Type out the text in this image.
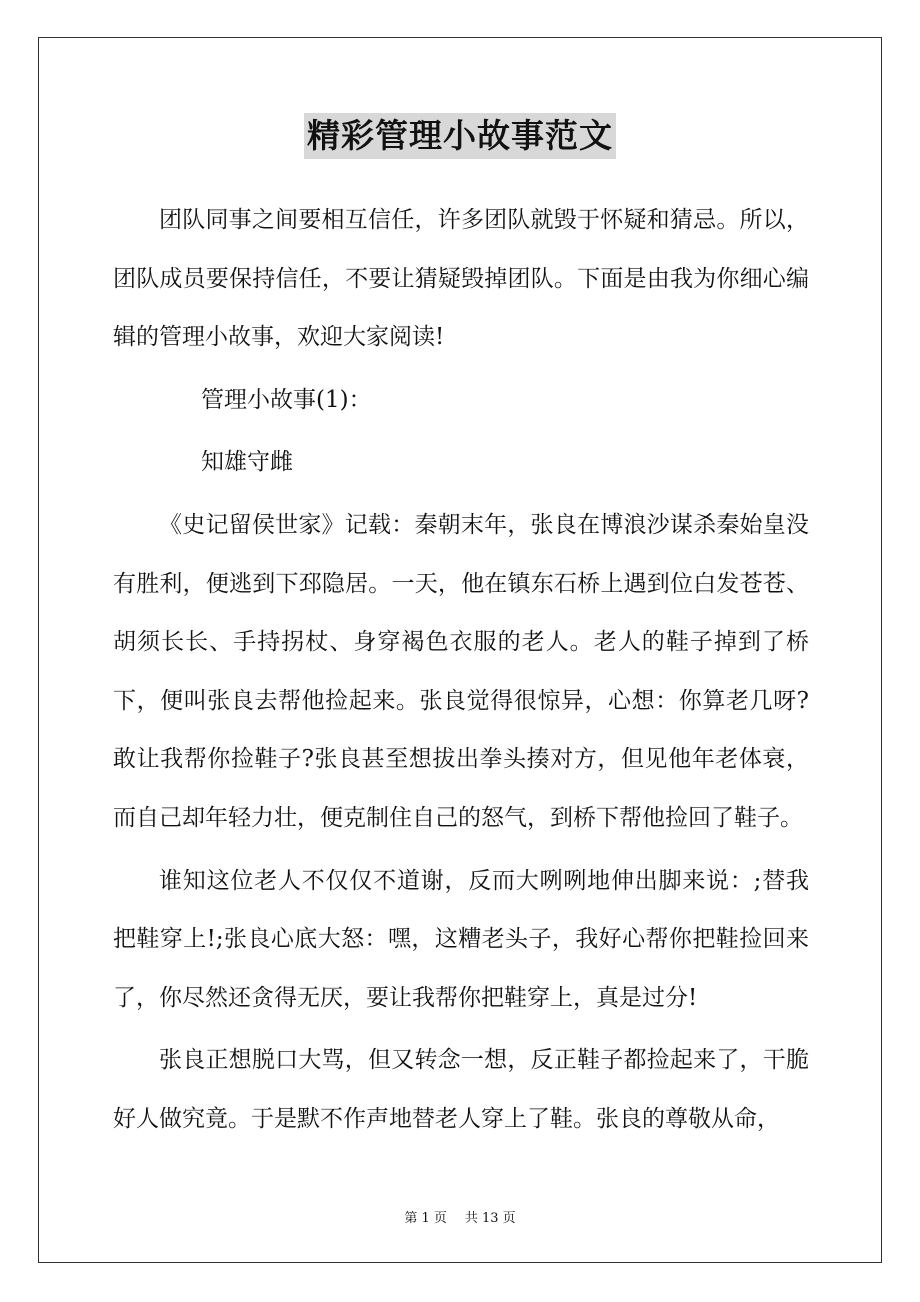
精彩管理小故事范文

团队同事之间要相互信任，许多团队就毁于怀疑和猜忌。所以，团队成员要保持信任，不要让猜疑毁掉团队。下面是由我为你细心编辑的管理小故事，欢迎大家阅读!

管理小故事(1)：

知雄守雌

《史记留侯世家》记载：秦朝末年，张良在博浪沙谋杀秦始皇没有胜利，便逃到下邳隐居。一天，他在镇东石桥上遇到位白发苍苍、胡须长长、手持拐杖、身穿褐色衣服的老人。老人的鞋子掉到了桥下，便叫张良去帮他捡起来。张良觉得很惊异，心想：你算老几呀?敢让我帮你捡鞋子?张良甚至想拔出拳头揍对方，但见他年老体衰，而自己却年轻力壮，便克制住自己的怒气，到桥下帮他捡回了鞋子。

谁知这位老人不仅仅不道谢，反而大咧咧地伸出脚来说：;替我把鞋穿上!;张良心底大怒：嘿，这糟老头子，我好心帮你把鞋捡回来了，你尽然还贪得无厌，要让我帮你把鞋穿上，真是过分!

张良正想脱口大骂，但又转念一想，反正鞋子都捡起来了，干脆好人做究竟。于是默不作声地替老人穿上了鞋。张良的尊敬从命，

第 1 页 共 13 页
